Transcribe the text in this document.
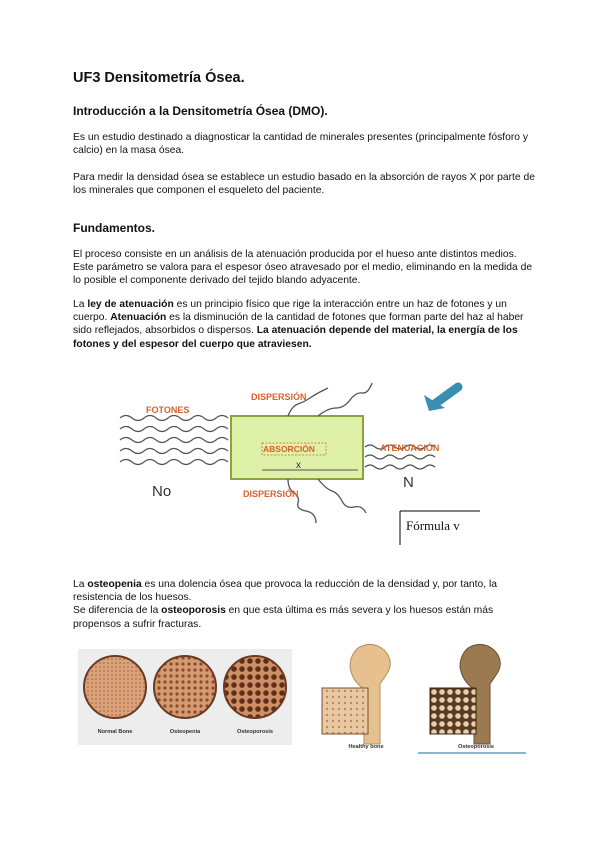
UF3 Densitometría Ósea.
Introducción a la Densitometría Ósea (DMO).
Es un estudio destinado a diagnosticar la cantidad de minerales presentes (principalmente fósforo y calcio) en la masa ósea.
Para medir la densidad ósea se establece un estudio basado en la absorción de rayos X por parte de los minerales que componen el esqueleto del paciente.
Fundamentos.
El proceso consiste en un análisis de la atenuación producida por el hueso ante distintos medios. Este parámetro se valora para el espesor óseo atravesado por el medio, eliminando en la medida de lo posible el componente derivado del tejido blando adyacente.
La ley de atenuación es un principio físico que rige la interacción entre un haz de fotones y un cuerpo. Atenuación es la disminución de la cantidad de fotones que forman parte del haz al haber sido reflejados, absorbidos o dispersos. La atenuación depende del material, la energía de los fotones y del espesor del cuerpo que atraviesen.
FOTONES
DISPERSIÓN
ABSORCIÓN
x
ATENUACIÓN
DISPERSIÓN
No
N
Fórmula v
La osteopenia es una dolencia ósea que provoca la reducción de la densidad y, por tanto, la resistencia de los huesos.
Se diferencia de la osteoporosis en que esta última es más severa y los huesos están más propensos a sufrir fracturas.
Normal Bone	Osteopenia	Osteoporosis
Healthy bone	Osteoporosis
